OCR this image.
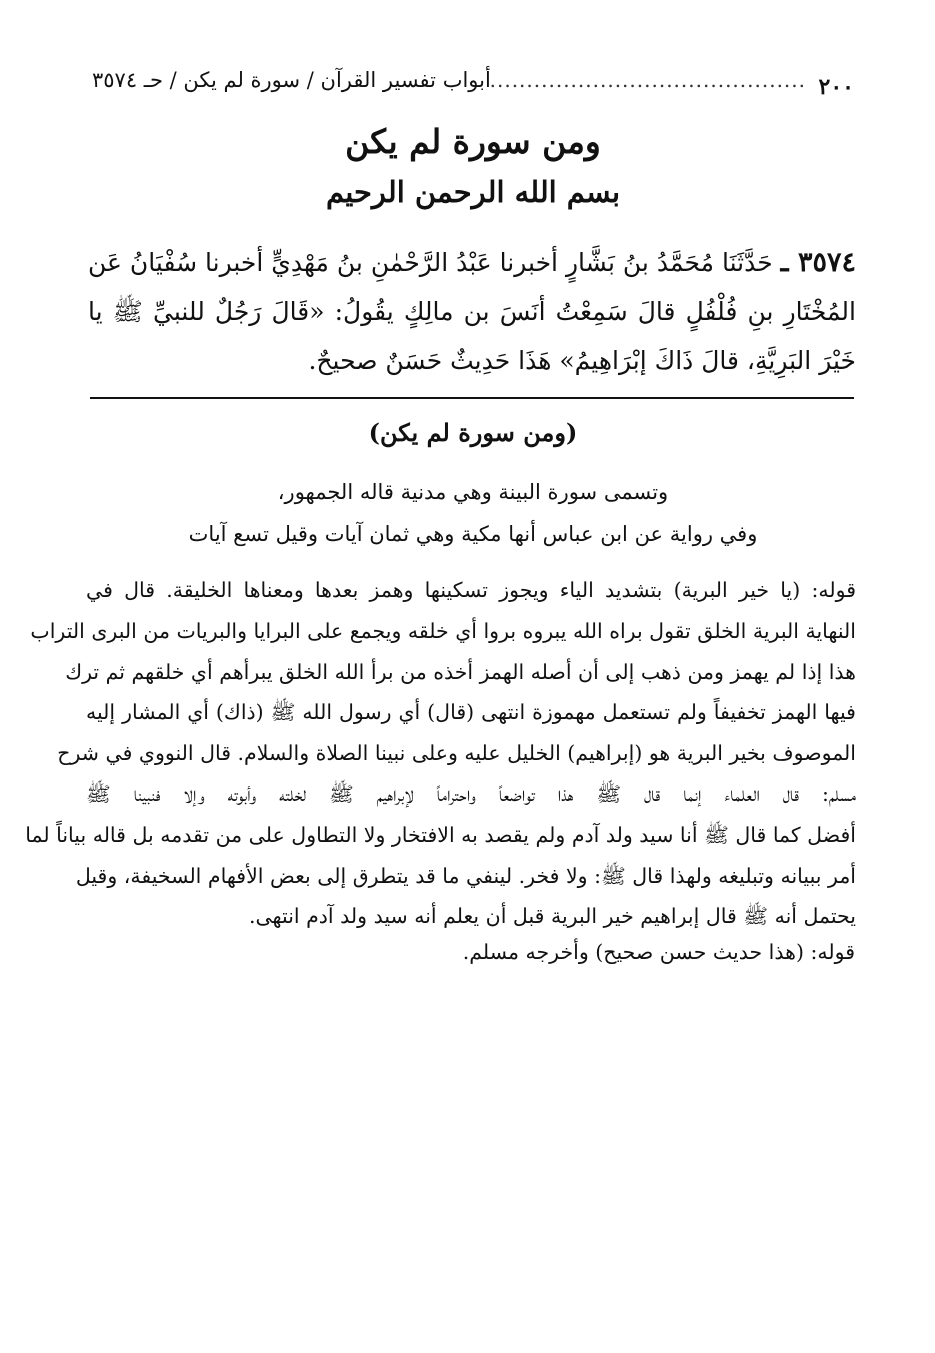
٢٠٠
...........................................
أبواب تفسير القرآن / سورة لم يكن / حـ ٣٥٧٤
ومن سورة لم يكن
بسم الله الرحمن الرحيم
٣٥٧٤ ـ حَدَّثَنَا مُحَمَّدُ بنُ بَشَّارٍ أخبرنا عَبْدُ الرَّحْمٰنِ بنُ مَهْدِيٍّ أخبرنا سُفْيَانُ عَن المُخْتَارِ بنِ فُلْفُلٍ قالَ سَمِعْتُ أنَسَ بن مالِكٍ يقُولُ: «قَالَ رَجُلٌ للنبيِّ ﷺ يا خَيْرَ البَرِيَّةِ، قالَ ذَاكَ إبْرَاهِيمُ» هَذَا حَدِيثٌ حَسَنٌ صحيحٌ.
(ومن سورة لم يكن)
وتسمى سورة البينة وهي مدنية قاله الجمهور،
وفي رواية عن ابن عباس أنها مكية وهي ثمان آيات وقيل تسع آيات
قوله: (يا خير البرية) بتشديد الياء ويجوز تسكينها وهمز بعدها ومعناها الخليقة. قال في
النهاية البرية الخلق تقول براه الله يبروه بروا أي خلقه ويجمع على البرايا والبريات من البرى التراب
هذا إذا لم يهمز ومن ذهب إلى أن أصله الهمز أخذه من برأ الله الخلق يبرأهم أي خلقهم ثم ترك
فيها الهمز تخفيفاً ولم تستعمل مهموزة انتهى (قال) أي رسول الله ﷺ (ذاك) أي المشار إليه
الموصوف بخير البرية هو (إبراهيم) الخليل عليه وعلى نبينا الصلاة والسلام. قال النووي في شرح
مسلم: قال العلماء إنما قال ﷺ هذا تواضعاً واحتراماً لإبراهيم ﷺ لخلته وأبوته وإلا فنبينا ﷺ
أفضل كما قال ﷺ أنا سيد ولد آدم ولم يقصد به الافتخار ولا التطاول على من تقدمه بل قاله بياناً لما
أمر ببيانه وتبليغه ولهذا قال ﷺ: ولا فخر. لينفي ما قد يتطرق إلى بعض الأفهام السخيفة، وقيل
يحتمل أنه ﷺ قال إبراهيم خير البرية قبل أن يعلم أنه سيد ولد آدم انتهى.
قوله: (هذا حديث حسن صحيح) وأخرجه مسلم.
